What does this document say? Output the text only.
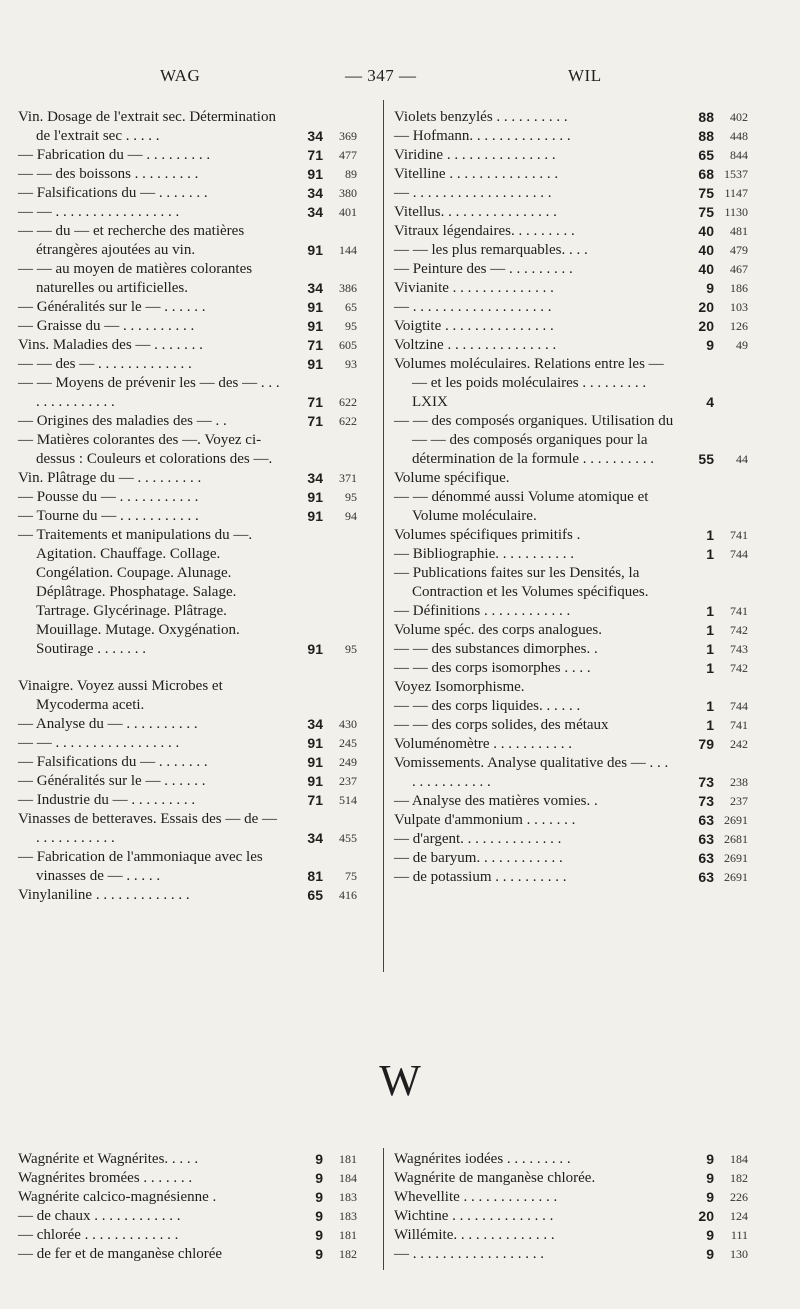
WAG	— 347 —	WIL
Vin. Dosage de l'extrait sec. Détermination de l'extrait sec . . . . .	34	369
— Fabrication du — . . . . . . . . .	71	477
— — des boissons . . . . . . . . .	91	89
— Falsifications du — . . . . . . .	34	380
— — . . . . . . . . . . . . . . . . .	34	401
— — du — et recherche des matières étrangères ajoutées au vin.	91	144
— — au moyen de matières colorantes naturelles ou artificielles.	34	386
— Généralités sur le — . . . . . .	91	65
— Graisse du — . . . . . . . . . .	91	95
Vins. Maladies des — . . . . . . .	71	605
— — des — . . . . . . . . . . . . .	91	93
— — Moyens de prévenir les — des — . . . . . . . . . . . . . .	71	622
— Origines des maladies des — . .	71	622
— Matières colorantes des —. Voyez ci-dessus : Couleurs et colorations des —.
Vin. Plâtrage du — . . . . . . . . .	34	371
— Pousse du — . . . . . . . . . . .	91	95
— Tourne du — . . . . . . . . . . .	91	94
— Traitements et manipulations du —. Agitation. Chauffage. Collage. Congélation. Coupage. Alunage. Déplâtrage. Phosphatage. Salage. Tartrage. Glycérinage. Plâtrage. Mouillage. Mutage. Oxygénation. Soutirage . . . . . . .	91	95
Vinaigre. Voyez aussi Microbes et Mycoderma aceti.
— Analyse du — . . . . . . . . . .	34	430
— — . . . . . . . . . . . . . . . . .	91	245
— Falsifications du — . . . . . . .	91	249
— Généralités sur le — . . . . . .	91	237
— Industrie du — . . . . . . . . .	71	514
Vinasses de betteraves. Essais des — de — . . . . . . . . . . .	34	455
— Fabrication de l'ammoniaque avec les vinasses de — . . . . .	81	75
Vinylaniline . . . . . . . . . . . . .	65	416
Violets benzylés . . . . . . . . . .	88	402
— Hofmann. . . . . . . . . . . . . .	88	448
Viridine . . . . . . . . . . . . . . .	65	844
Vitelline . . . . . . . . . . . . . . .	68 1537
— . . . . . . . . . . . . . . . . . . .	75 1147
Vitellus. . . . . . . . . . . . . . . .	75 1130
Vitraux légendaires. . . . . . . . .	40	481
— — les plus remarquables. . . .	40	479
— Peinture des — . . . . . . . . .	40	467
Vivianite . . . . . . . . . . . . . .	9	186
— . . . . . . . . . . . . . . . . . . .	20	103
Voigtite . . . . . . . . . . . . . . .	20	126
Voltzine . . . . . . . . . . . . . . .	9	49
Volumes moléculaires. Relations entre les — — et les poids moléculaires . . . . . . . . . LXIX	4
— — des composés organiques. Utilisation du — — des composés organiques pour la détermination de la formule . . . . . . . . . .	55	44
Volume spécifique.
— — dénommé aussi Volume atomique et Volume moléculaire.
Volumes spécifiques primitifs .	1	741
— Bibliographie. . . . . . . . . . .	1	744
— Publications faites sur les Densités, la Contraction et les Volumes spécifiques.
— Définitions . . . . . . . . . . . .	1	741
Volume spéc. des corps analogues.	1	742
— — des substances dimorphes. .	1	743
— — des corps isomorphes . . . .	1	742
Voyez Isomorphisme.
— — des corps liquides. . . . . .	1	744
— — des corps solides, des métaux	1	741
Voluménomètre . . . . . . . . . . .	79	242
Vomissements. Analyse qualitative des — . . . . . . . . . . . . . .	73	238
— Analyse des matières vomies. .	73	237
Vulpate d'ammonium . . . . . . .	63 2691
— d'argent. . . . . . . . . . . . . .	63 2681
— de baryum. . . . . . . . . . . .	63 2691
— de potassium . . . . . . . . . .	63 2691
W
Wagnérite et Wagnérites. . . . .	9	181
Wagnérites bromées . . . . . . .	9	184
Wagnérite calcico-magnésienne .	9	183
— de chaux . . . . . . . . . . . .	9	183
— chlorée . . . . . . . . . . . . .	9	181
— de fer et de manganèse chlorée	9	182
Wagnérites iodées . . . . . . . . .	9	184
Wagnérite de manganèse chlorée.	9	182
Whevellite . . . . . . . . . . . . .	9	226
Wichtine . . . . . . . . . . . . . .	20	124
Willémite. . . . . . . . . . . . . .	9	111
— . . . . . . . . . . . . . . . . . .	9	130
